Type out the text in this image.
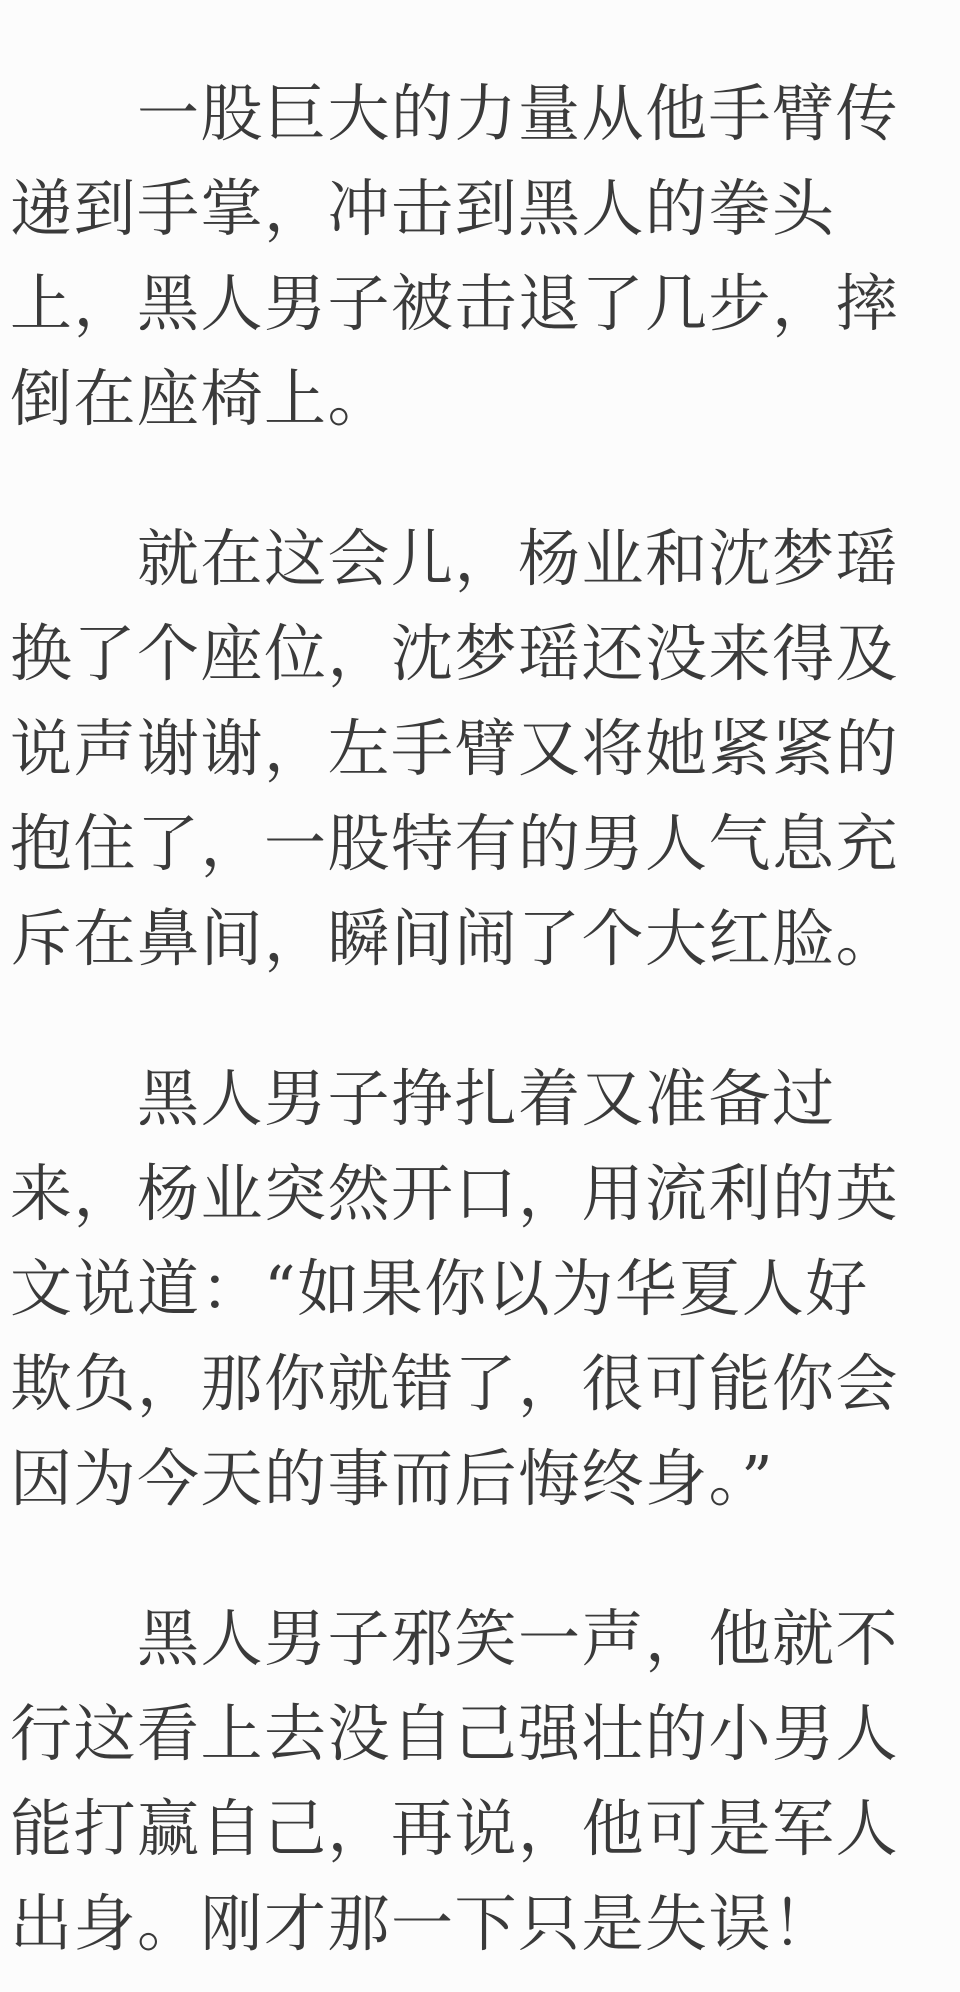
一股巨大的力量从他手臂传
递到手掌，冲击到黑人的拳头
上，黑人男子被击退了几步，摔
倒在座椅上。
就在这会儿，杨业和沈梦瑶
换了个座位，沈梦瑶还没来得及
说声谢谢，左手臂又将她紧紧的
抱住了，一股特有的男人气息充
斥在鼻间，瞬间闹了个大红脸。
黑人男子挣扎着又准备过
来，杨业突然开口，用流利的英
文说道：“如果你以为华夏人好
欺负，那你就错了，很可能你会
因为今天的事而后悔终身。”
黑人男子邪笑一声，他就不
行这看上去没自己强壮的小男人
能打赢自己，再说，他可是军人
出身。刚才那一下只是失误！
